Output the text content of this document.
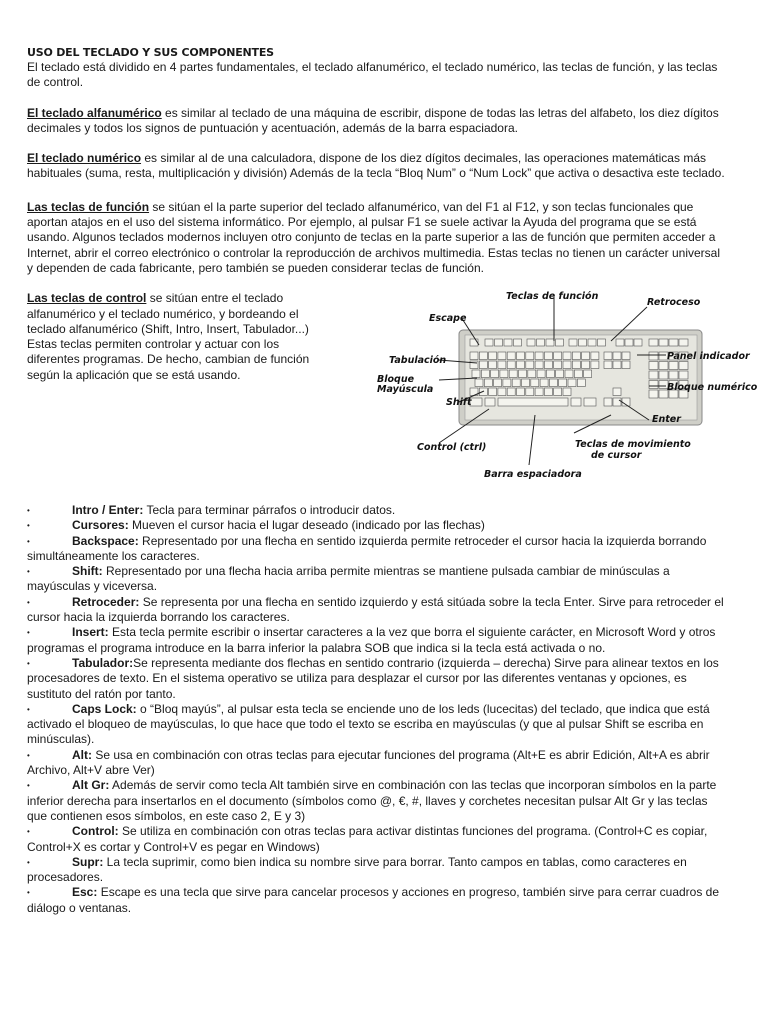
USO DEL TECLADO Y SUS COMPONENTES

El teclado está dividido en 4 partes fundamentales, el teclado alfanumérico, el teclado numérico, las teclas de función, y las teclas de control.

El teclado alfanumérico es similar al teclado de una máquina de escribir, dispone de todas las letras del alfabeto, los diez dígitos decimales y todos los signos de puntuación y acentuación, además de la barra espaciadora.

El teclado numérico es similar al de una calculadora, dispone de los diez dígitos decimales, las operaciones matemáticas más habituales (suma, resta, multiplicación y división) Además de la tecla “Bloq Num” o “Num Lock” que activa o desactiva este teclado.

Las teclas de función se sitúan el la parte superior del teclado alfanumérico, van del F1 al F12, y son teclas funcionales que aportan atajos en el uso del sistema informático. Por ejemplo, al pulsar F1 se suele activar la Ayuda del programa que se está usando. Algunos teclados modernos incluyen otro conjunto de teclas en la parte superior a las de función que permiten acceder a Internet, abrir el correo electrónico o controlar la reproducción de archivos multimedia. Estas teclas no tienen un carácter universal y dependen de cada fabricante, pero también se pueden considerar teclas de función.

Las teclas de control se sitúan entre el teclado alfanumérico y el teclado numérico, y bordeando el teclado alfanumérico (Shift, Intro, Insert, Tabulador...) Estas teclas permiten controlar y actuar con los diferentes programas. De hecho, cambian de función según la aplicación que se está usando.

Teclas de función
Retroceso
Escape
Panel indicador
Tabulación
Bloque
Mayúscula	Bloque numérico
Shift
Enter
Control (ctrl)	Teclas de movimiento
de cursor
Barra espaciadora
•	Intro / Enter: Tecla para terminar párrafos o introducir datos.
•	Cursores: Mueven el cursor hacia el lugar deseado (indicado por las flechas)
•	Backspace: Representado por una flecha en sentido izquierda permite retroceder el cursor hacia la izquierda borrando simultáneamente los caracteres.
•	Shift: Representado por una flecha hacia arriba permite mientras se mantiene pulsada cambiar de minúsculas a mayúsculas y viceversa.
•	Retroceder: Se representa por una flecha en sentido izquierdo y está sitúada sobre la tecla Enter. Sirve para retroceder el cursor hacia la izquierda borrando los caracteres.
•	Insert: Esta tecla permite escribir o insertar caracteres a la vez que borra el siguiente carácter, en Microsoft Word y otros programas el programa introduce en la barra inferior la palabra SOB que indica si la tecla está activada o no.
•	Tabulador:Se representa mediante dos flechas en sentido contrario (izquierda – derecha) Sirve para alinear textos en los procesadores de texto. En el sistema operativo se utiliza para desplazar el cursor por las diferentes ventanas y opciones, es sustituto del ratón por tanto.
•	Caps Lock: o “Bloq mayús”, al pulsar esta tecla se enciende uno de los leds (lucecitas) del teclado, que indica que está activado el bloqueo de mayúsculas, lo que hace que todo el texto se escriba en mayúsculas (y que al pulsar Shift se escriba en minúsculas).
•	Alt: Se usa en combinación con otras teclas para ejecutar funciones del programa (Alt+E es abrir Edición, Alt+A es abrir Archivo, Alt+V abre Ver)
•	Alt Gr: Además de servir como tecla Alt también sirve en combinación con las teclas que incorporan símbolos en la parte inferior derecha para insertarlos en el documento (símbolos como @, €, #, llaves y corchetes necesitan pulsar Alt Gr y las teclas que contienen esos símbolos, en este caso 2, E y 3)
•	Control: Se utiliza en combinación con otras teclas para activar distintas funciones del programa. (Control+C es copiar, Control+X es cortar y Control+V es pegar en Windows)
•	Supr: La tecla suprimir, como bien indica su nombre sirve para borrar. Tanto campos en tablas, como caracteres en procesadores.
•	Esc: Escape es una tecla que sirve para cancelar procesos y acciones en progreso, también sirve para cerrar cuadros de diálogo o ventanas.
